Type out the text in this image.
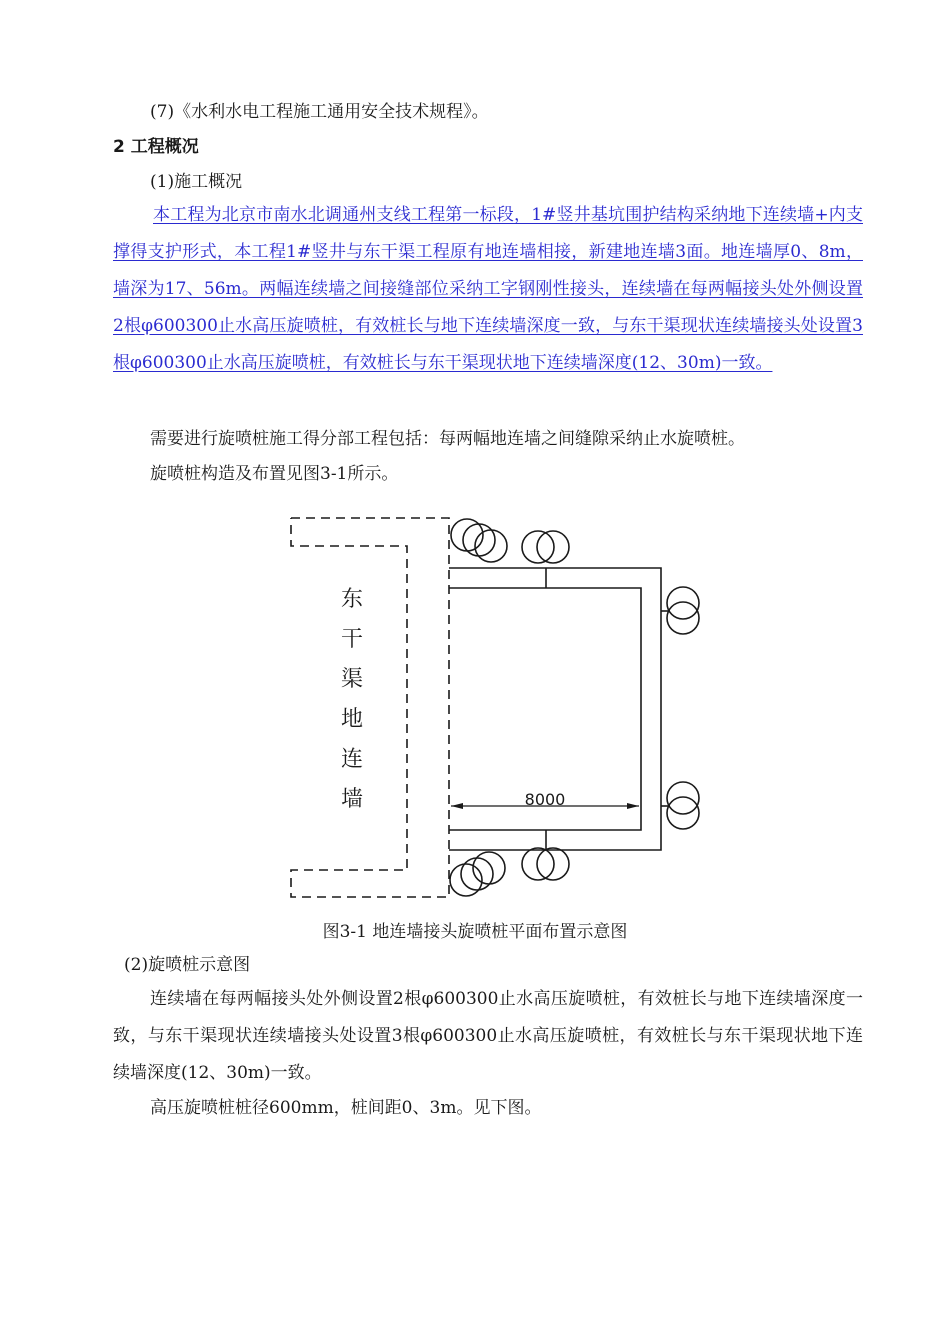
(7)《水利水电工程施工通用安全技术规程》。
2 工程概况
(1)施工概况

本工程为北京市南水北调通州支线工程第一标段，1#竖井基坑围护结构采纳地下连续墙+内支撑得支护形式，本工程1#竖井与东干渠工程原有地连墙相接，新建地连墙3面。地连墙厚0、8m，墙深为17、56m。两幅连续墙之间接缝部位采纳工字钢刚性接头，连续墙在每两幅接头处外侧设置2根φ600300止水高压旋喷桩，有效桩长与地下连续墙深度一致，与东干渠现状连续墙接头处设置3根φ600300止水高压旋喷桩，有效桩长与东干渠现状地下连续墙深度(12、30m)一致。

需要进行旋喷桩施工得分部工程包括：每两幅地连墙之间缝隙采纳止水旋喷桩。
旋喷桩构造及布置见图3-1所示。
东
干
渠
地
连
墙	8000
图3-1 地连墙接头旋喷桩平面布置示意图
(2)旋喷桩示意图

连续墙在每两幅接头处外侧设置2根φ600300止水高压旋喷桩，有效桩长与地下连续墙深度一致，与东干渠现状连续墙接头处设置3根φ600300止水高压旋喷桩，有效桩长与东干渠现状地下连续墙深度(12、30m)一致。

高压旋喷桩桩径600mm，桩间距0、3m。见下图。
